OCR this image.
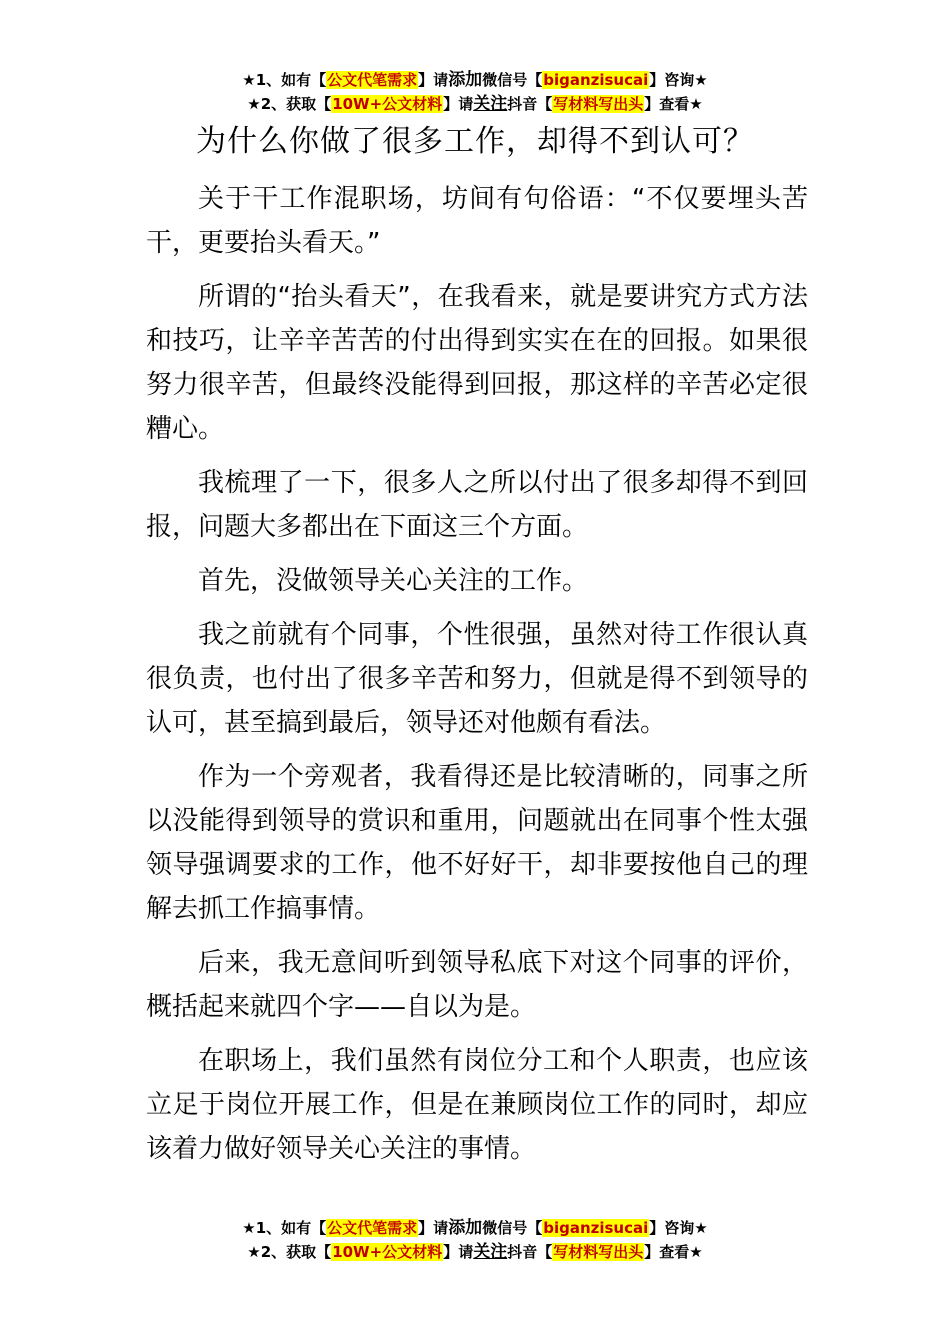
★1、如有【公文代笔需求】请添加微信号【biganzisucai】咨询★
★2、获取【10W+公文材料】请关注抖音【写材料写出头】查看★
为什么你做了很多工作，却得不到认可？

关于干工作混职场，坊间有句俗语：“不仅要埋头苦干，更要抬头看天。”

所谓的“抬头看天”，在我看来，就是要讲究方式方法和技巧，让辛辛苦苦的付出得到实实在在的回报。如果很努力很辛苦，但最终没能得到回报，那这样的辛苦必定很糟心。

我梳理了一下，很多人之所以付出了很多却得不到回报，问题大多都出在下面这三个方面。

首先，没做领导关心关注的工作。

我之前就有个同事，个性很强，虽然对待工作很认真很负责，也付出了很多辛苦和努力，但就是得不到领导的认可，甚至搞到最后，领导还对他颇有看法。

作为一个旁观者，我看得还是比较清晰的，同事之所以没能得到领导的赏识和重用，问题就出在同事个性太强领导强调要求的工作，他不好好干，却非要按他自己的理解去抓工作搞事情。

后来，我无意间听到领导私底下对这个同事的评价，概括起来就四个字——自以为是。

在职场上，我们虽然有岗位分工和个人职责，也应该立足于岗位开展工作，但是在兼顾岗位工作的同时，却应该着力做好领导关心关注的事情。

★1、如有【公文代笔需求】请添加微信号【biganzisucai】咨询★
★2、获取【10W+公文材料】请关注抖音【写材料写出头】查看★
